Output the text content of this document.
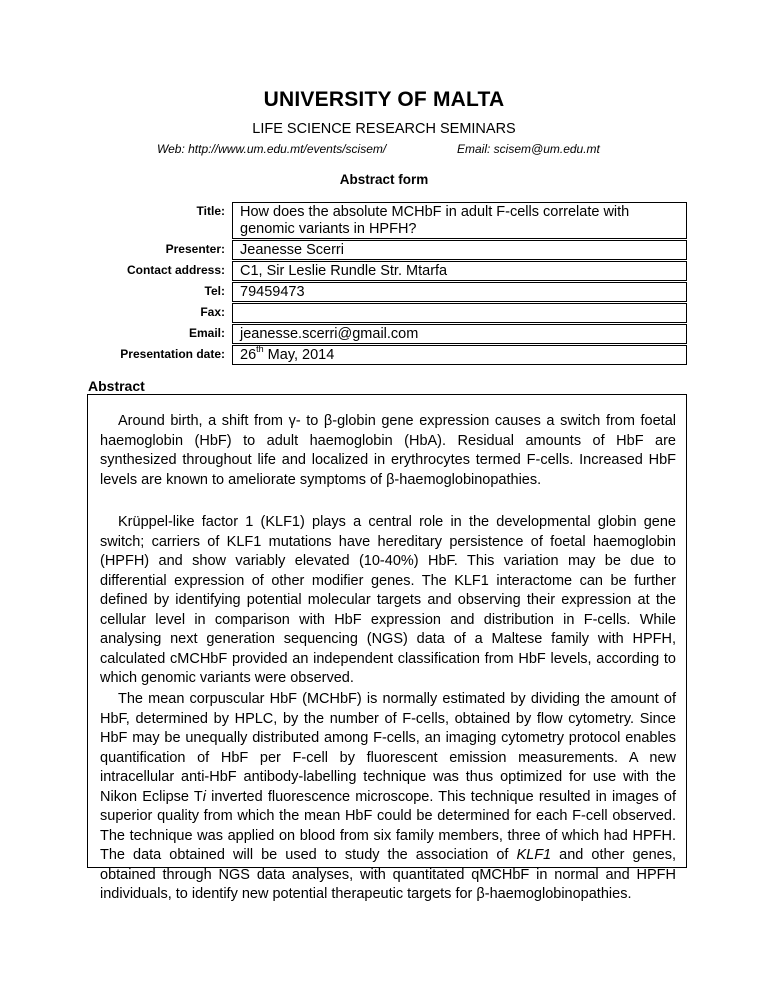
UNIVERSITY OF MALTA
LIFE SCIENCE RESEARCH SEMINARS
Web: http://www.um.edu.mt/events/scisem/	Email: scisem@um.edu.mt
Abstract form
Title:	How does the absolute MCHbF in adult F-cells correlate with genomic variants in HPFH?
Presenter:	Jeanesse Scerri
Contact address:	C1, Sir Leslie Rundle Str. Mtarfa
Tel:	79459473
Fax:
Email:	jeanesse.scerri@gmail.com
Presentation date:	26th May, 2014
Abstract
Around birth, a shift from γ- to β-globin gene expression causes a switch from foetal haemoglobin (HbF) to adult haemoglobin (HbA). Residual amounts of HbF are synthesized throughout life and localized in erythrocytes termed F-cells. Increased HbF levels are known to ameliorate symptoms of β-haemoglobinopathies.
Krüppel-like factor 1 (KLF1) plays a central role in the developmental globin gene switch; carriers of KLF1 mutations have hereditary persistence of foetal haemoglobin (HPFH) and show variably elevated (10-40%) HbF. This variation may be due to differential expression of other modifier genes. The KLF1 interactome can be further defined by identifying potential molecular targets and observing their expression at the cellular level in comparison with HbF expression and distribution in F-cells. While analysing next generation sequencing (NGS) data of a Maltese family with HPFH, calculated cMCHbF provided an independent classification from HbF levels, according to which genomic variants were observed.
The mean corpuscular HbF (MCHbF) is normally estimated by dividing the amount of HbF, determined by HPLC, by the number of F-cells, obtained by flow cytometry. Since HbF may be unequally distributed among F-cells, an imaging cytometry protocol enables quantification of HbF per F-cell by fluorescent emission measurements. A new intracellular anti-HbF antibody-labelling technique was thus optimized for use with the Nikon Eclipse Ti inverted fluorescence microscope. This technique resulted in images of superior quality from which the mean HbF could be determined for each F-cell observed. The technique was applied on blood from six family members, three of which had HPFH. The data obtained will be used to study the association of KLF1 and other genes, obtained through NGS data analyses, with quantitated qMCHbF in normal and HPFH individuals, to identify new potential therapeutic targets for β-haemoglobinopathies.
